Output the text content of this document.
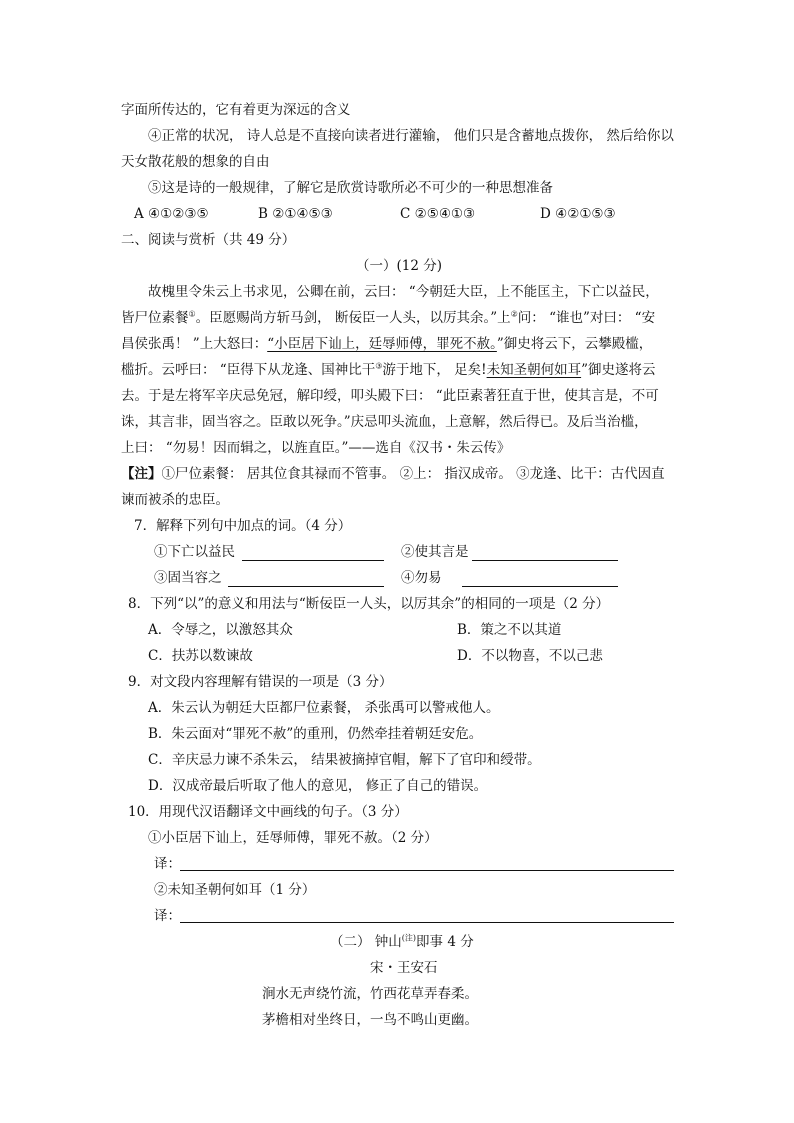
字面所传达的，它有着更为深远的含义
④正常的状况， 诗人总是不直接向读者进行灌输， 他们只是含蓄地点拨你， 然后给你以
天女散花般的想象的自由
⑤这是诗的一般规律，了解它是欣赏诗歌所必不可少的一种思想准备
A ④①②③⑤	B ②①④⑤③	C ②⑤④①③	D ④②①⑤③
二、阅读与赏析（共 49 分）
（一）(12 分)
故槐里令朱云上书求见，公卿在前，云曰： “今朝廷大臣，上不能匡主，下亡以益民，
皆尸位素餐①。臣愿赐尚方斩马剑， 断佞臣一人头，以厉其余。”上②问： “谁也”对曰： “安
昌侯张禹！ ”上大怒曰：“小臣居下讪上，廷辱师傅，罪死不赦。”御史将云下，云攀殿槛，
槛折。云呼曰： “臣得下从龙逢、国神比干③游于地下， 足矣!未知圣朝何如耳”御史遂将云
去。于是左将军辛庆忌免冠，解印绶，叩头殿下曰： “此臣素著狂直于世，使其言是，不可
诛，其言非，固当容之。臣敢以死争。”庆忌叩头流血，上意解，然后得已。及后当治槛，
上曰： “勿易！因而辑之，以旌直臣。”——选自《汉书・朱云传》
【注】①尸位素餐： 居其位食其禄而不管事。 ②上： 指汉成帝。 ③龙逢、比干：古代因直
谏而被杀的忠臣。
7．解释下列句中加点的词。（4 分）
①下亡以益民	②使其言是
③固当容之	④勿易
8．下列“以”的意义和用法与“断佞臣一人头，以厉其余”的相同的一项是（2 分）
A．令辱之，以激怒其众	B．策之不以其道
C．扶苏以数谏故	D．不以物喜，不以己悲
9．对文段内容理解有错误的一项是（3 分）
A．朱云认为朝廷大臣都尸位素餐， 杀张禹可以警戒他人。
B．朱云面对“罪死不赦”的重刑，仍然牵挂着朝廷安危。
C．辛庆忌力谏不杀朱云， 结果被摘掉官帽，解下了官印和绶带。
D．汉成帝最后听取了他人的意见， 修正了自己的错误。
10．用现代汉语翻译文中画线的句子。（3 分）
①小臣居下讪上，廷辱师傅，罪死不赦。（2 分）
译：
②未知圣朝何如耳（1 分）
译：
（二） 钟山$^{(注)}$即事 4 分
宋・王安石
涧水无声绕竹流，竹西花草弄春柔。
茅檐相对坐终日，一鸟不鸣山更幽。
